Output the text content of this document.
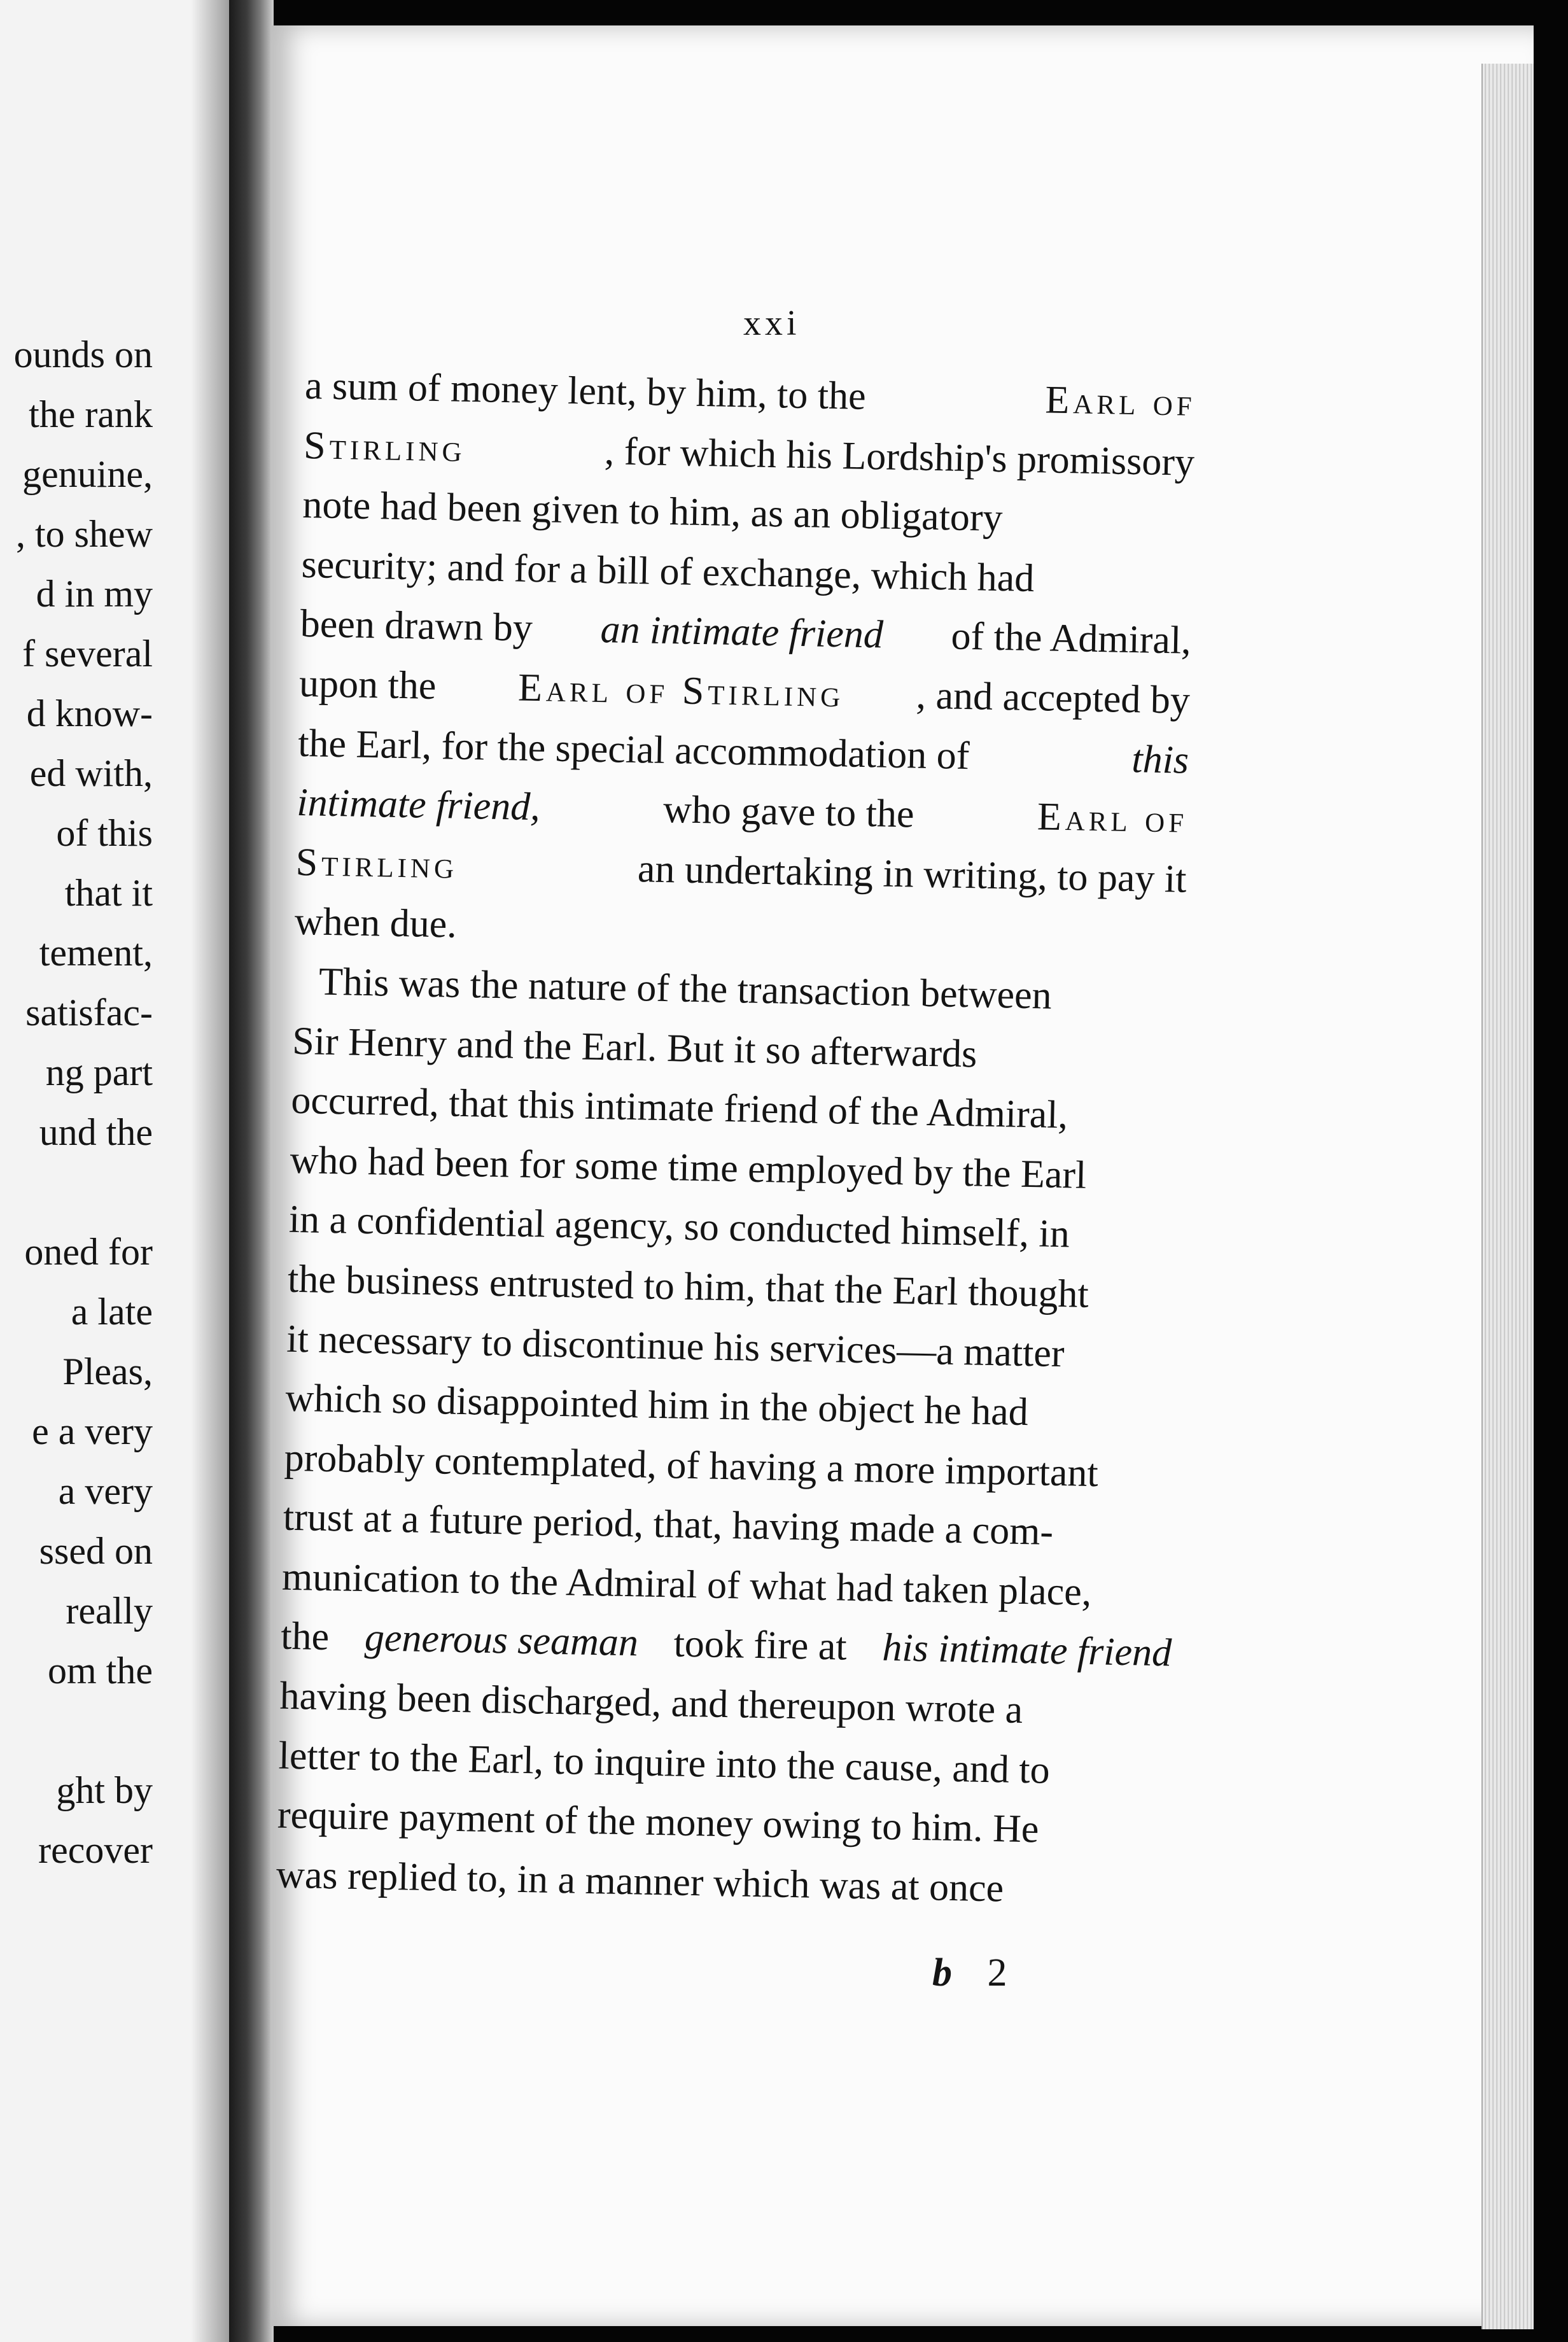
ounds on
the rank
genuine,
, to shew
d in my
f several
d know-
ed with,
of this
that it
tement,
satisfac-
ng part
und the
oned for
a late
Pleas,
e a very
a very
ssed on
really
om the
ght by
recover
xxi
a sum of money lent, by him, to the	Earl of
Stirling	, for which his Lordship's promissory
note had been given to him, as an obligatory
security; and for a bill of exchange, which had
been drawn by an intimate friend of the Admiral,
upon the Earl of Stirling , and accepted by
the Earl, for the special accommodation of	this
intimate friend,	who gave to the	Earl of
Stirling	an undertaking in writing, to pay it
when due.
This was the nature of the transaction between
Sir Henry and the Earl. But it so afterwards
occurred, that this intimate friend of the Admiral,
who had been for some time employed by the Earl
in a confidential agency, so conducted himself, in
the business entrusted to him, that the Earl thought
it necessary to discontinue his services—a matter
which so disappointed him in the object he had
probably contemplated, of having a more important
trust at a future period, that, having made a com-
munication to the Admiral of what had taken place,
the generous seaman took fire at his intimate friend
having been discharged, and thereupon wrote a
letter to the Earl, to inquire into the cause, and to
require payment of the money owing to him. He
was replied to, in a manner which was at once
b 2
